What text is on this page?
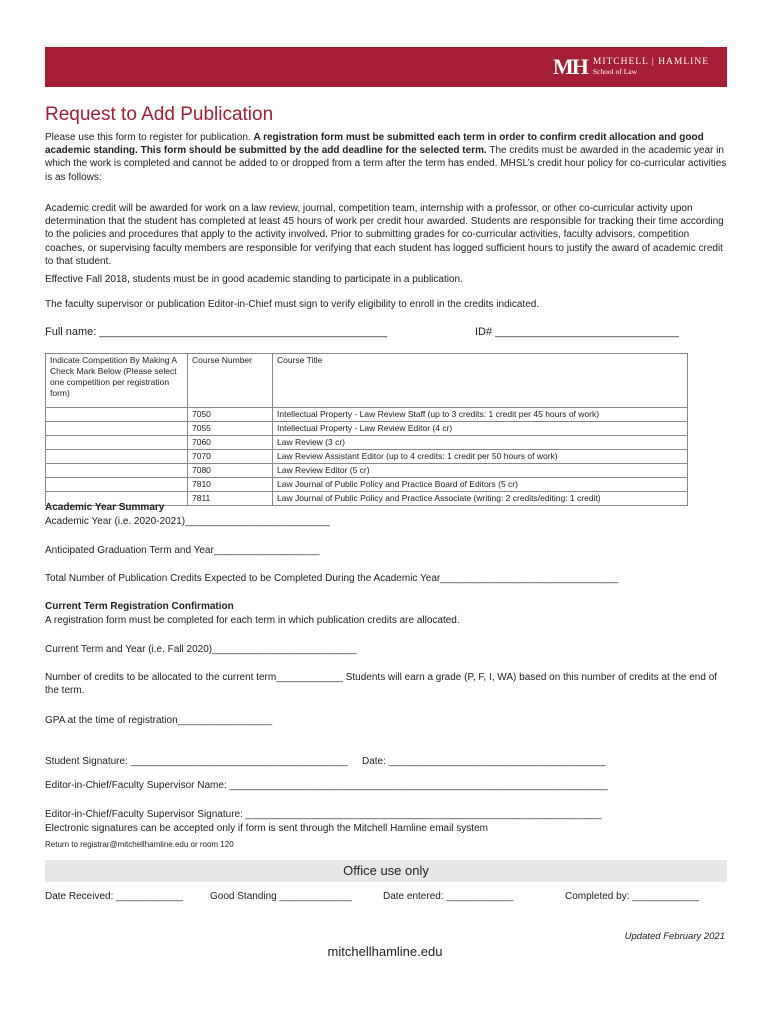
MH MITCHELL | HAMLINE
School of Law
Request to Add Publication

Please use this form to register for publication. A registration form must be submitted each term in order to confirm credit allocation and good academic standing. This form should be submitted by the add deadline for the selected term. The credits must be awarded in the academic year in which the work is completed and cannot be added to or dropped from a term after the term has ended. MHSL’s credit hour policy for co-curricular activities is as follows:

Academic credit will be awarded for work on a law review, journal, competition team, internship with a professor, or other co-curricular activity upon determination that the student has completed at least 45 hours of work per credit hour awarded. Students are responsible for tracking their time according to the policies and procedures that apply to the activity involved. Prior to submitting grades for co-curricular activities, faculty advisors, competition coaches, or supervising faculty members are responsible for verifying that each student has logged sufficient hours to justify the award of academic credit to that student.

Effective Fall 2018, students must be in good academic standing to participate in a publication.

The faculty supervisor or publication Editor-in-Chief must sign to verify eligibility to enroll in the credits indicated.

Full name: _______________________________________________	ID# ______________________________
Indicate Competition By Making A Check Mark Below (Please select one competition per registration form)	Course Number	Course Title
	7050	Intellectual Property - Law Review Staff (up to 3 credits: 1 credit per 45 hours of work)
	7055	Intellectual Property - Law Review Editor (4 cr)
	7060	Law Review (3 cr)
	7070	Law Review Assistant Editor (up to 4 credits: 1 credit per 50 hours of work)
	7080	Law Review Editor (5 cr)
	7810	Law Journal of Public Policy and Practice Board of Editors (5 cr)
	7811	Law Journal of Public Policy and Practice Associate (writing: 2 credits/editing: 1 credit)
Academic Year Summary
Academic Year (i.e. 2020-2021)__________________________
Anticipated Graduation Term and Year___________________
Total Number of Publication Credits Expected to be Completed During the Academic Year________________________________
Current Term Registration Confirmation
A registration form must be completed for each term in which publication credits are allocated.
Current Term and Year (i.e. Fall 2020)__________________________

Number of credits to be allocated to the current term____________ Students will earn a grade (P, F, I, WA) based on this number of credits at the end of the term.

GPA at the time of registration_________________
Student Signature: _______________________________________ Date: _______________________________________
Editor-in-Chief/Faculty Supervisor Name: ____________________________________________________________________
Editor-in-Chief/Faculty Supervisor Signature: ________________________________________________________________
Electronic signatures can be accepted only if form is sent through the Mitchell Hamline email system
Return to registrar@mitchellhamline.edu or room 120
Office use only
Date Received: ____________	Good Standing _____________	Date entered: ____________	Completed by: ____________
Updated February 2021
mitchellhamline.edu
